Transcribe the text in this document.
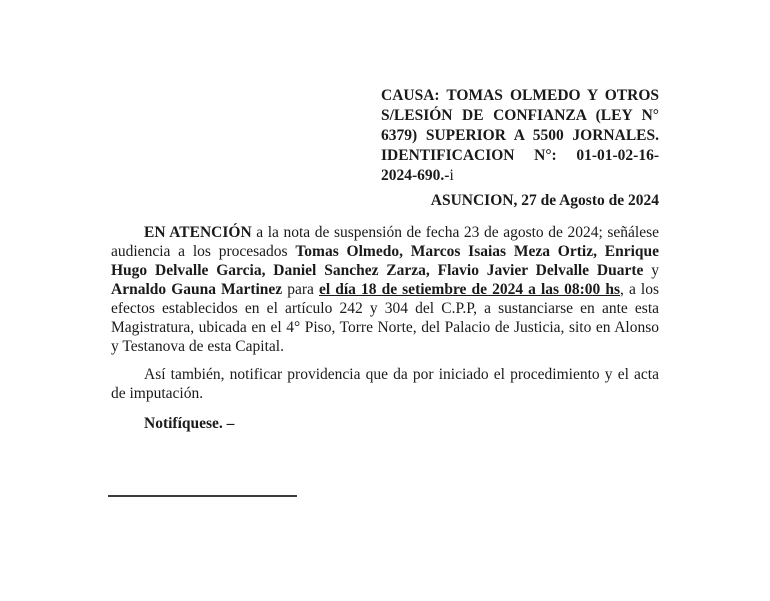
CAUSA: TOMAS OLMEDO Y OTROS S/LESIÓN DE CONFIANZA (LEY N° 6379) SUPERIOR A 5500 JORNALES. IDENTIFICACION N°: 01-01-02-16-2024-690.-i
ASUNCION, 27 de Agosto de 2024

EN ATENCIÓN a la nota de suspensión de fecha 23 de agosto de 2024; señálese audiencia a los procesados Tomas Olmedo, Marcos Isaias Meza Ortiz, Enrique Hugo Delvalle Garcia, Daniel Sanchez Zarza, Flavio Javier Delvalle Duarte y Arnaldo Gauna Martinez para el día 18 de setiembre de 2024 a las 08:00 hs, a los efectos establecidos en el artículo 242 y 304 del C.P.P, a sustanciarse en ante esta Magistratura, ubicada en el 4° Piso, Torre Norte, del Palacio de Justicia, sito en Alonso y Testanova de esta Capital.

Así también, notificar providencia que da por iniciado el procedimiento y el acta de imputación.

Notifíquese. –
